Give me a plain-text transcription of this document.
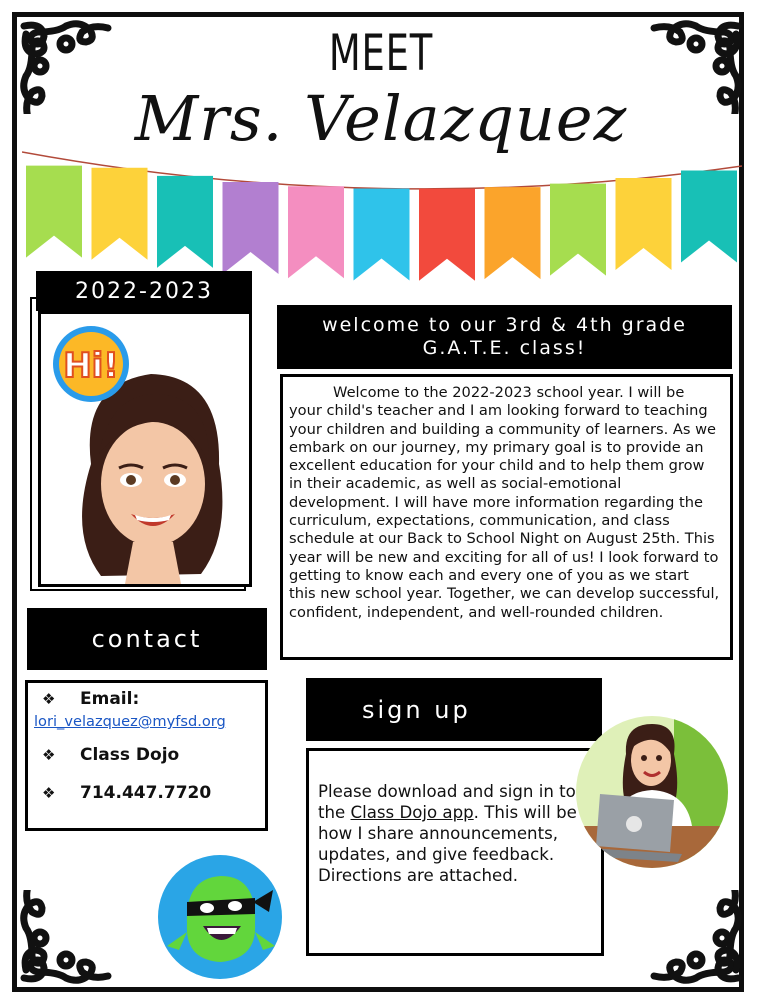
MEET
Mrs. Velazquez
2022-2023
Hi!
welcome to our 3rd & 4th grade G.A.T.E. class!
Welcome to the 2022-2023 school year. I will be your child's teacher and I am looking forward to teaching your children and building a community of learners. As we embark on our journey, my primary goal is to provide an excellent education for your child and to help them grow in their academic, as well as social-emotional development. I will have more information regarding the curriculum, expectations, communication, and class schedule at our Back to School Night on August 25th. This year will be new and exciting for all of us! I look forward to getting to know each and every one of you as we start this new school year. Together, we can develop successful, confident, independent, and well-rounded children.
contact
❖	Email:
lori_velazquez@myfsd.org
❖	Class Dojo
❖	714.447.7720
sign up
Please download and sign in to the Class Dojo app. This will be how I share announcements, updates, and give feedback. Directions are attached.
